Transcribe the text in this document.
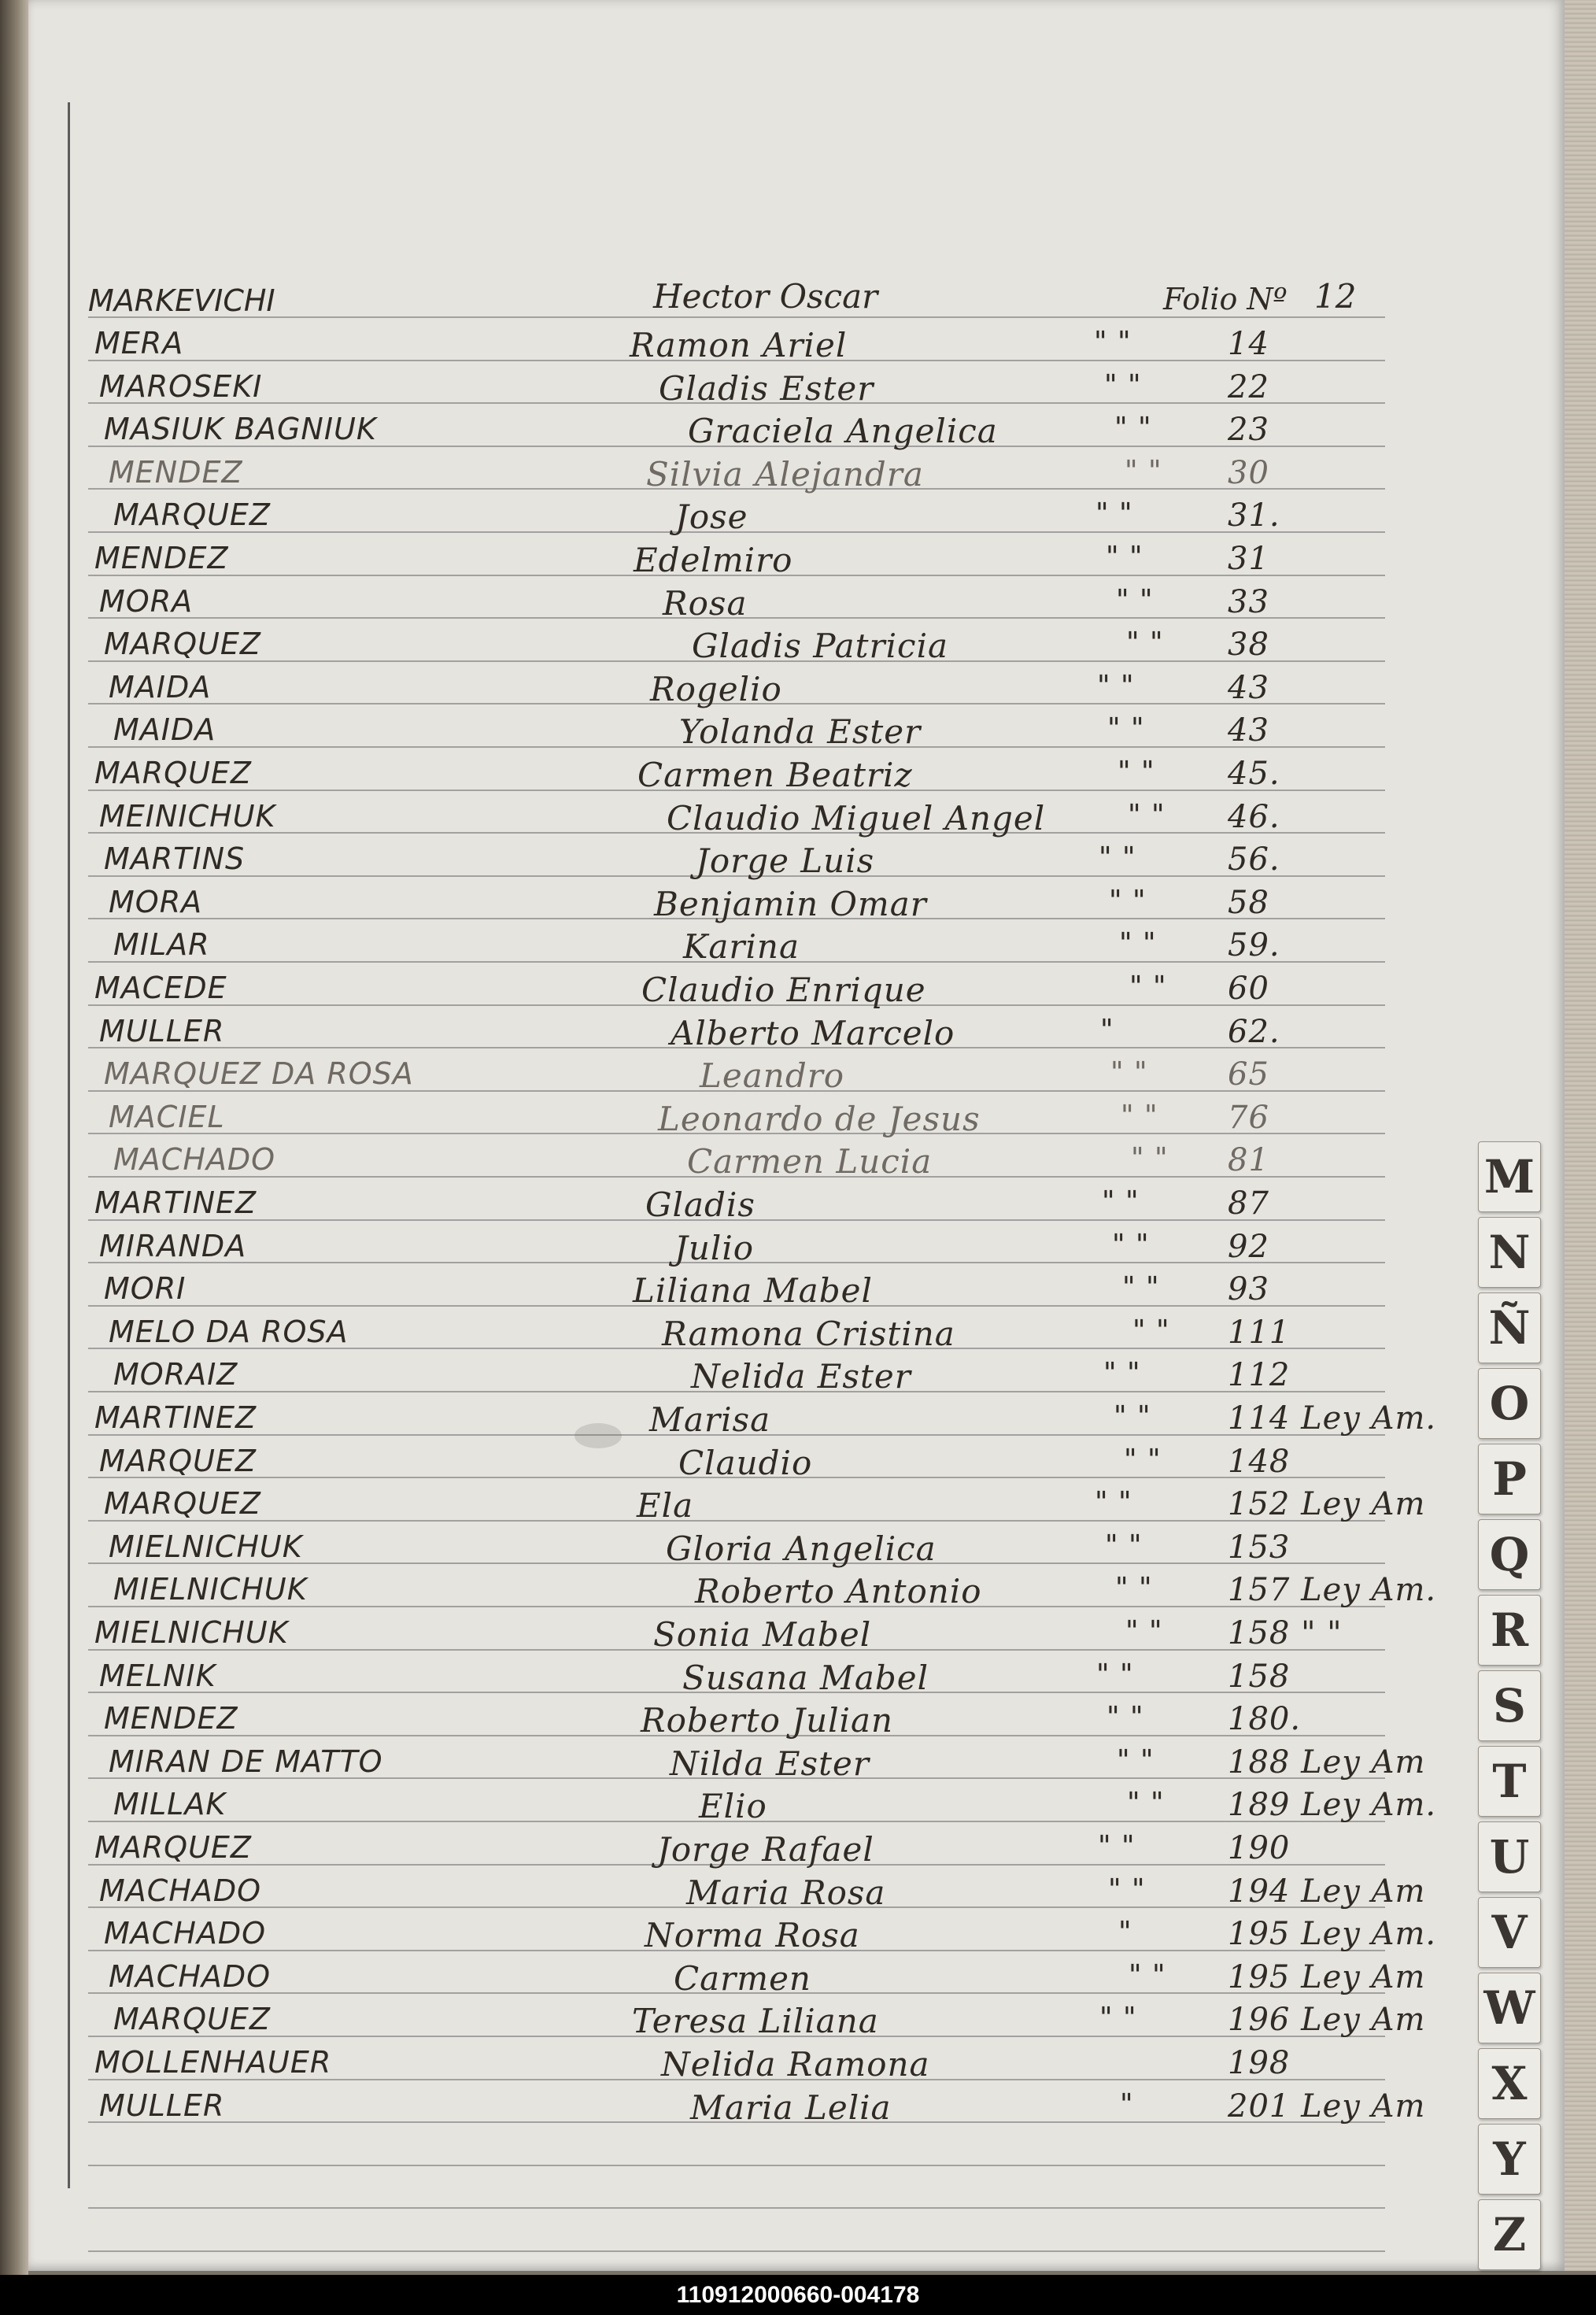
MARKEVICHI	Hector Oscar	Folio Nº 12
MERA	Ramon Ariel	" "	14
MAROSEKI	Gladis Ester	" "	22
MASIUK BAGNIUK	Graciela Angelica	" " 23
MENDEZ	Silvia Alejandra	" " 30
MARQUEZ	Jose	" "	31.
MENDEZ	Edelmiro	" "	31
MORA	Rosa	" " 33
MARQUEZ	Gladis Patricia	" " 38
MAIDA	Rogelio	" "	43
MAIDA	Yolanda Ester	" "	43
MARQUEZ	Carmen Beatriz	" " 45.
MEINICHUK	Claudio Miguel Angel	" " 46.
MARTINS	Jorge Luis	" "	56.
MORA	Benjamin Omar	" "	58
MILAR	Karina	" " 59.
MACEDE	Claudio Enrique	" " 60
MULLER	Alberto Marcelo	"	62.
MARQUEZ DA ROSA	Leandro	" "	65
MACIEL	Leonardo de Jesus	" " 76
MACHADO	Carmen Lucia	" " 81
MARTINEZ	Gladis	" "	87
MIRANDA	Julio	" " 92
MORI	Liliana Mabel	" " 93
MELO DA ROSA	Ramona Cristina	" " 111
MORAIZ	Nelida Ester	" "	112
MARTINEZ	Marisa	" " 114 Ley Am.
MARQUEZ	Claudio	" " 148
MARQUEZ	Ela	" "	152 Ley Am
MIELNICHUK	Gloria Angelica	" "	153
MIELNICHUK	Roberto Antonio	" " 157 Ley Am.
MIELNICHUK	Sonia Mabel	" " 158 " "
MELNIK	Susana Mabel	" "	158
MENDEZ	Roberto Julian	" "	180.
MIRAN DE MATTO	Nilda Ester	" " 188 Ley Am
MILLAK	Elio	" " 189 Ley Am.
MARQUEZ	Jorge Rafael	" "	190
MACHADO	Maria Rosa	" "	194 Ley Am
MACHADO	Norma Rosa	"	195 Ley Am.
MACHADO	Carmen	" " 195 Ley Am
MARQUEZ	Teresa Liliana	" "	196 Ley Am
MOLLENHAUER	Nelida Ramona	198
MULLER	Maria Lelia	"	201 Ley Am
M
N
Ñ
O
P
Q
R
S
T
U
V
W
X
Y
Z
110912000660-004178
